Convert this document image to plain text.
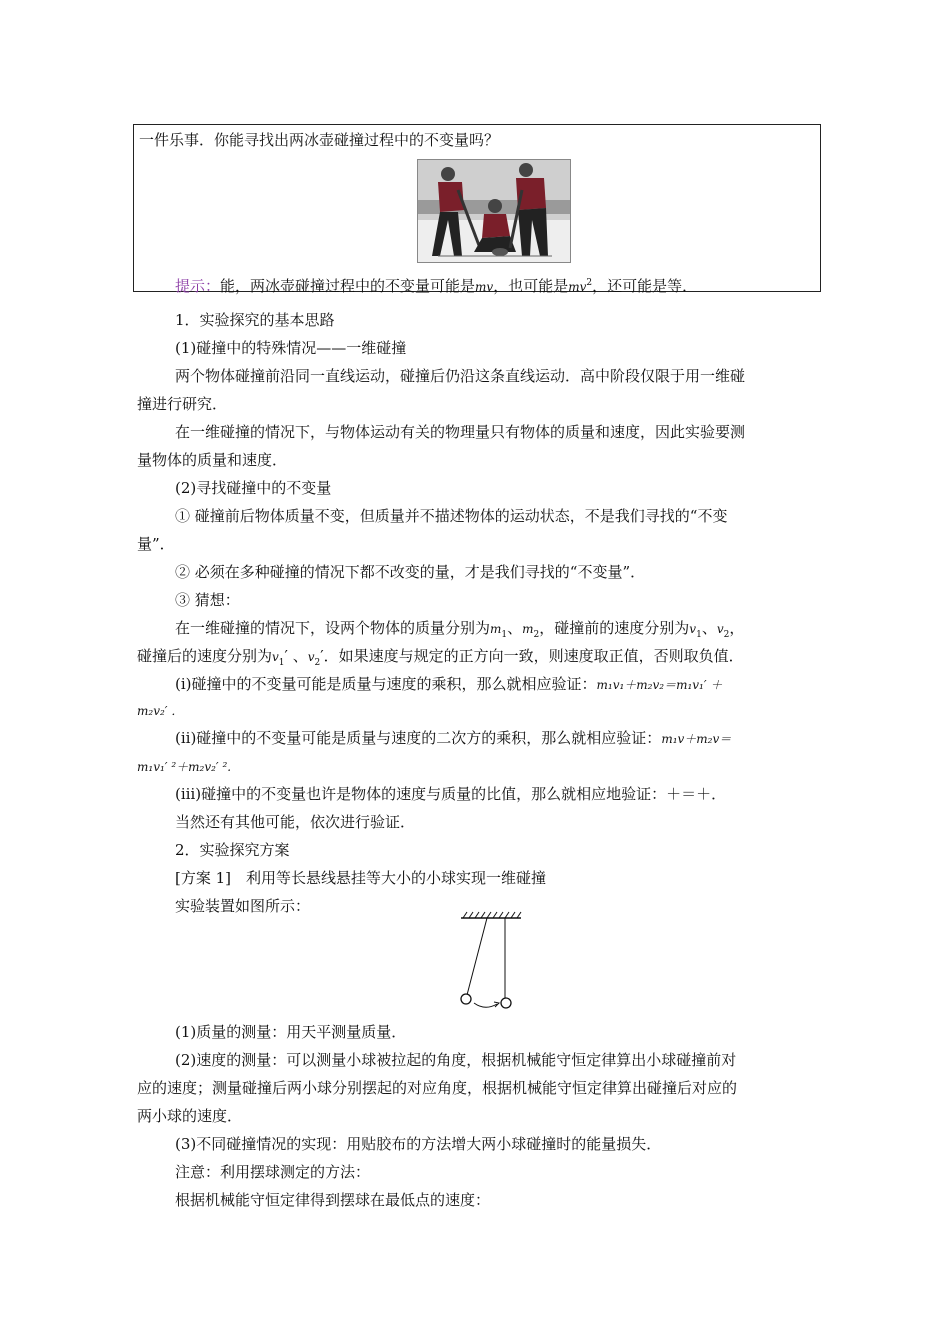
一件乐事．你能寻找出两冰壶碰撞过程中的不变量吗？
提示：能，两冰壶碰撞过程中的不变量可能是mv，也可能是$mv^2$，还可能是等．
1．实验探究的基本思路
(1)碰撞中的特殊情况——一维碰撞
两个物体碰撞前沿同一直线运动，碰撞后仍沿这条直线运动．高中阶段仅限于用一维碰
撞进行研究．
在一维碰撞的情况下，与物体运动有关的物理量只有物体的质量和速度，因此实验要测
量物体的质量和速度．
(2)寻找碰撞中的不变量
① 碰撞前后物体质量不变，但质量并不描述物体的运动状态，不是我们寻找的“不变
量”．
② 必须在多种碰撞的情况下都不改变的量，才是我们寻找的“不变量”．
③ 猜想：
在一维碰撞的情况下，设两个物体的质量分别为$m_1$、$m_2$，碰撞前的速度分别为$v_1$、$v_2$，
碰撞后的速度分别为$v_1'$ 、$v_2'$．如果速度与规定的正方向一致，则速度取正值，否则取负值．
(ⅰ)碰撞中的不变量可能是质量与速度的乘积，那么就相应验证：m₁v₁＋m₂v₂＝m₁v₁′ ＋
m₂v₂′ ．
(ⅱ)碰撞中的不变量可能是质量与速度的二次方的乘积，那么就相应验证：m₁v＋m₂v＝
m₁v₁′ ²＋m₂v₂′ ².
(ⅲ)碰撞中的不变量也许是物体的速度与质量的比值，那么就相应地验证：＋＝＋．
当然还有其他可能，依次进行验证．
2．实验探究方案
[方案 1]　利用等长悬线悬挂等大小的小球实现一维碰撞
实验装置如图所示：
(1)质量的测量：用天平测量质量．
(2)速度的测量：可以测量小球被拉起的角度，根据机械能守恒定律算出小球碰撞前对
应的速度；测量碰撞后两小球分别摆起的对应角度，根据机械能守恒定律算出碰撞后对应的
两小球的速度．
(3)不同碰撞情况的实现：用贴胶布的方法增大两小球碰撞时的能量损失．
注意：利用摆球测定的方法：
根据机械能守恒定律得到摆球在最低点的速度：
